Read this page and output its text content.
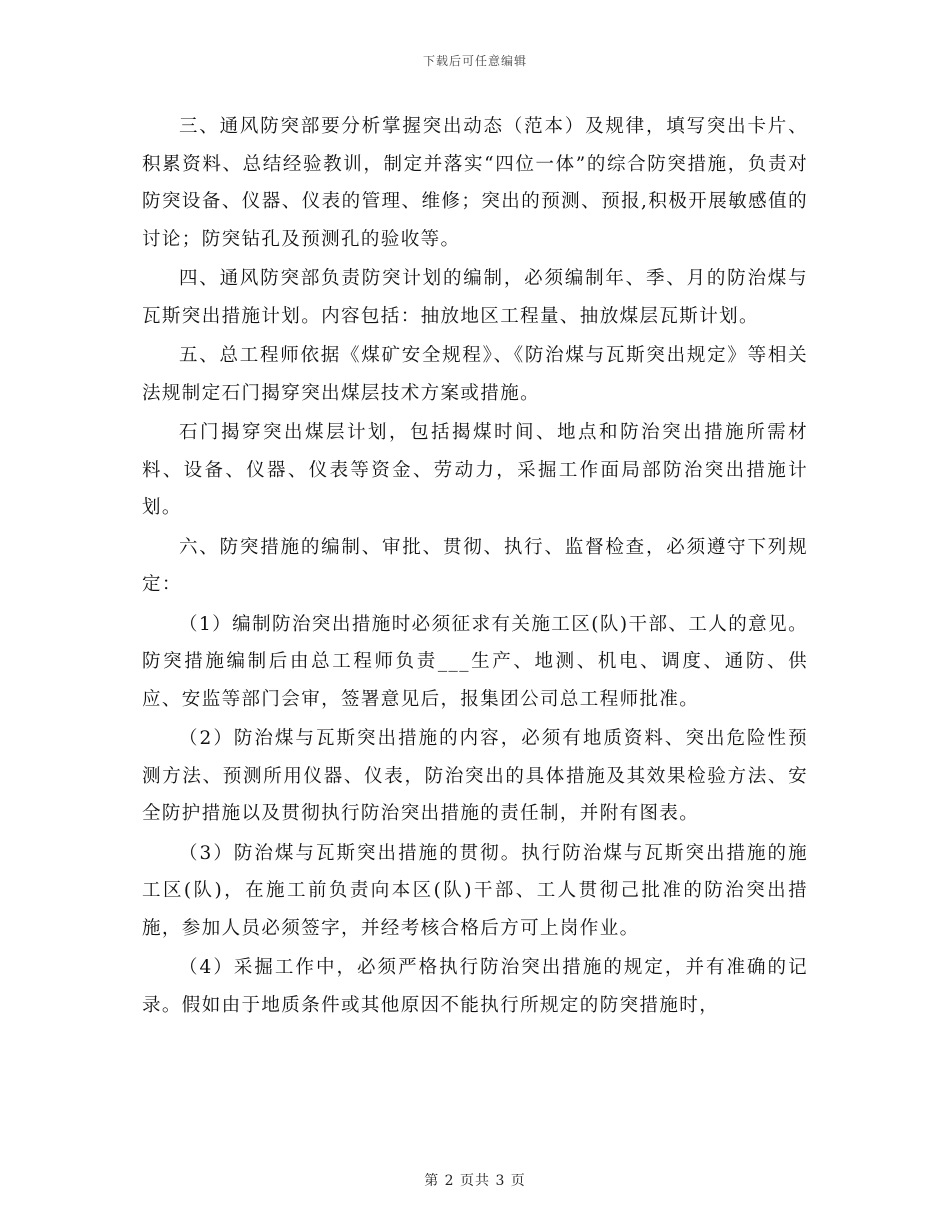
下载后可任意编辑

三、通风防突部要分析掌握突出动态（范本）及规律，填写突出卡片、积累资料、总结经验教训，制定并落实“四位一体”的综合防突措施，负责对防突设备、仪器、仪表的管理、维修；突出的预测、预报,积极开展敏感值的讨论；防突钻孔及预测孔的验收等。

四、通风防突部负责防突计划的编制，必须编制年、季、月的防治煤与瓦斯突出措施计划。内容包括：抽放地区工程量、抽放煤层瓦斯计划。

五、总工程师依据《煤矿安全规程》、《防治煤与瓦斯突出规定》等相关法规制定石门揭穿突出煤层技术方案或措施。

石门揭穿突出煤层计划，包括揭煤时间、地点和防治突出措施所需材料、设备、仪器、仪表等资金、劳动力，采掘工作面局部防治突出措施计划。

六、防突措施的编制、审批、贯彻、执行、监督检查，必须遵守下列规定：

（1）编制防治突出措施时必须征求有关施工区(队)干部、工人的意见。防突措施编制后由总工程师负责___生产、地测、机电、调度、通防、供应、安监等部门会审，签署意见后，报集团公司总工程师批准。

（2）防治煤与瓦斯突出措施的内容，必须有地质资料、突出危险性预测方法、预测所用仪器、仪表，防治突出的具体措施及其效果检验方法、安全防护措施以及贯彻执行防治突出措施的责任制，并附有图表。

（3）防治煤与瓦斯突出措施的贯彻。执行防治煤与瓦斯突出措施的施工区(队)，在施工前负责向本区(队)干部、工人贯彻己批准的防治突出措施，参加人员必须签字，并经考核合格后方可上岗作业。

（4）采掘工作中，必须严格执行防治突出措施的规定，并有准确的记录。假如由于地质条件或其他原因不能执行所规定的防突措施时，

第 2 页共 3 页
